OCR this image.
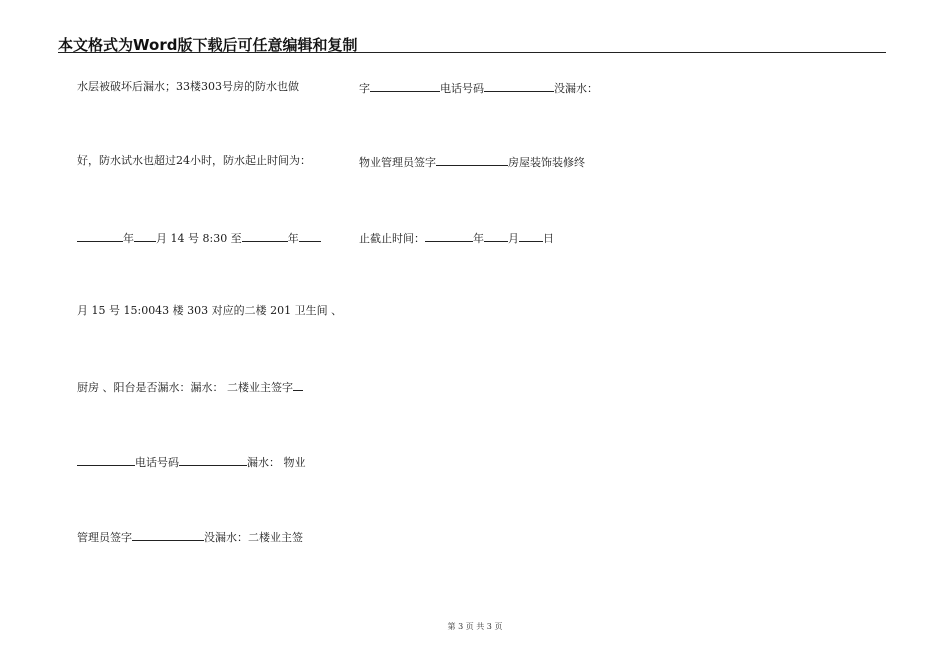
本文格式为Word版下载后可任意编辑和复制
水层被破坏后漏水；33楼303号房的防水也做
好，防水试水也超过24小时，防水起止时间为：
年 月 14 号 8:30 至	年
月 15 号 15:0043 楼 303 对应的二楼 201 卫生间 、
厨房 、阳台是否漏水：漏水： 二楼业主签字
电话号码	漏水： 物业
管理员签字	没漏水：二楼业主签
字	电话号码	没漏水：
物业管理员签字	房屋装饰装修终
止截止时间：	年 月 日
第 3 页 共 3 页
